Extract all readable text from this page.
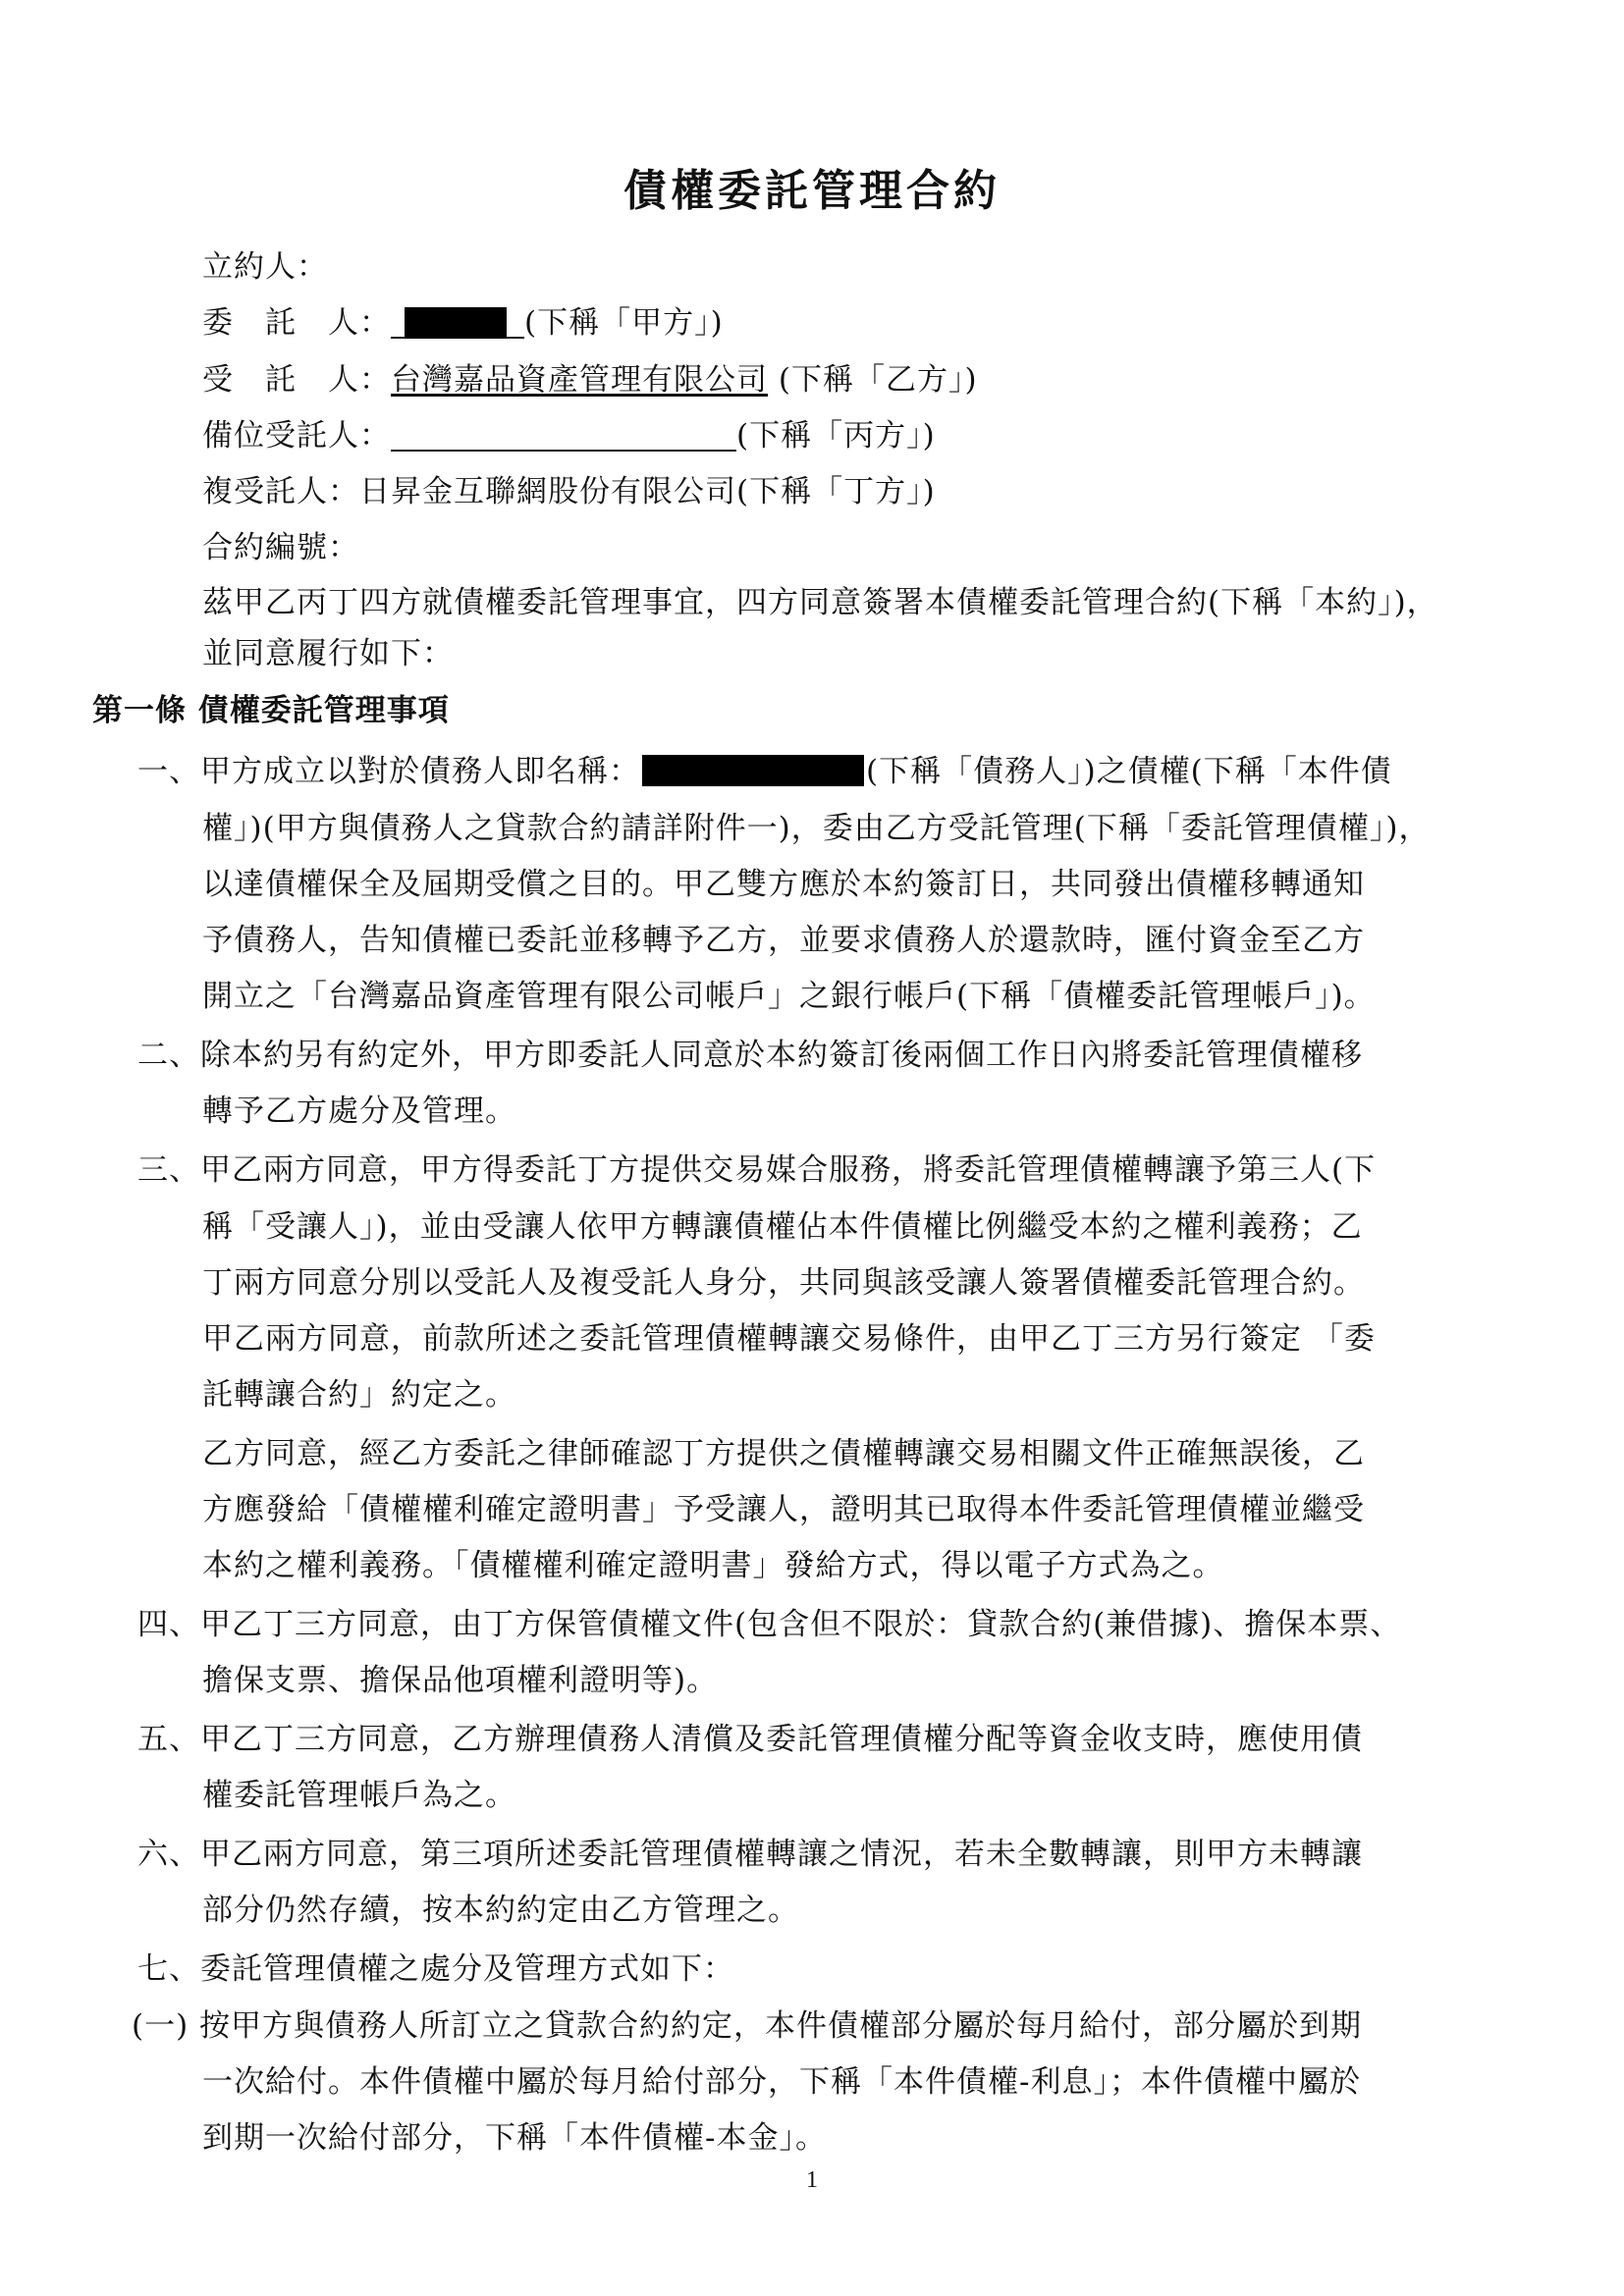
債權委託管理合約
立約人：
委　託　人：	(下稱「甲方」)
受　託　人：台灣嘉品資產管理有限公司 (下稱「乙方」)
備位受託人：	(下稱「丙方」)
複受託人：日昇金互聯網股份有限公司(下稱「丁方」)
合約編號：
茲甲乙丙丁四方就債權委託管理事宜，四方同意簽署本債權委託管理合約(下稱「本約」)，
並同意履行如下：
第一條 債權委託管理事項
一、甲方成立以對於債務人即名稱：	(下稱「債務人」)之債權(下稱「本件債
權」)(甲方與債務人之貸款合約請詳附件一)，委由乙方受託管理(下稱「委託管理債權」)，
以達債權保全及屆期受償之目的。甲乙雙方應於本約簽訂日，共同發出債權移轉通知
予債務人，告知債權已委託並移轉予乙方，並要求債務人於還款時，匯付資金至乙方
開立之「台灣嘉品資產管理有限公司帳戶」之銀行帳戶(下稱「債權委託管理帳戶」)。
二、除本約另有約定外，甲方即委託人同意於本約簽訂後兩個工作日內將委託管理債權移
轉予乙方處分及管理。
三、甲乙兩方同意，甲方得委託丁方提供交易媒合服務，將委託管理債權轉讓予第三人(下
稱「受讓人」)，並由受讓人依甲方轉讓債權佔本件債權比例繼受本約之權利義務；乙
丁兩方同意分別以受託人及複受託人身分，共同與該受讓人簽署債權委託管理合約。
甲乙兩方同意，前款所述之委託管理債權轉讓交易條件，由甲乙丁三方另行簽定 「委
託轉讓合約」約定之。
乙方同意，經乙方委託之律師確認丁方提供之債權轉讓交易相關文件正確無誤後，乙
方應發給「債權權利確定證明書」予受讓人，證明其已取得本件委託管理債權並繼受
本約之權利義務。「債權權利確定證明書」發給方式，得以電子方式為之。
四、甲乙丁三方同意，由丁方保管債權文件(包含但不限於：貸款合約(兼借據)、擔保本票、
擔保支票、擔保品他項權利證明等)。
五、甲乙丁三方同意，乙方辦理債務人清償及委託管理債權分配等資金收支時，應使用債
權委託管理帳戶為之。
六、甲乙兩方同意，第三項所述委託管理債權轉讓之情況，若未全數轉讓，則甲方未轉讓
部分仍然存續，按本約約定由乙方管理之。
七、委託管理債權之處分及管理方式如下：
(一) 按甲方與債務人所訂立之貸款合約約定，本件債權部分屬於每月給付，部分屬於到期
一次給付。本件債權中屬於每月給付部分，下稱「本件債權-利息」；本件債權中屬於
到期一次給付部分，下稱「本件債權-本金」。
1
